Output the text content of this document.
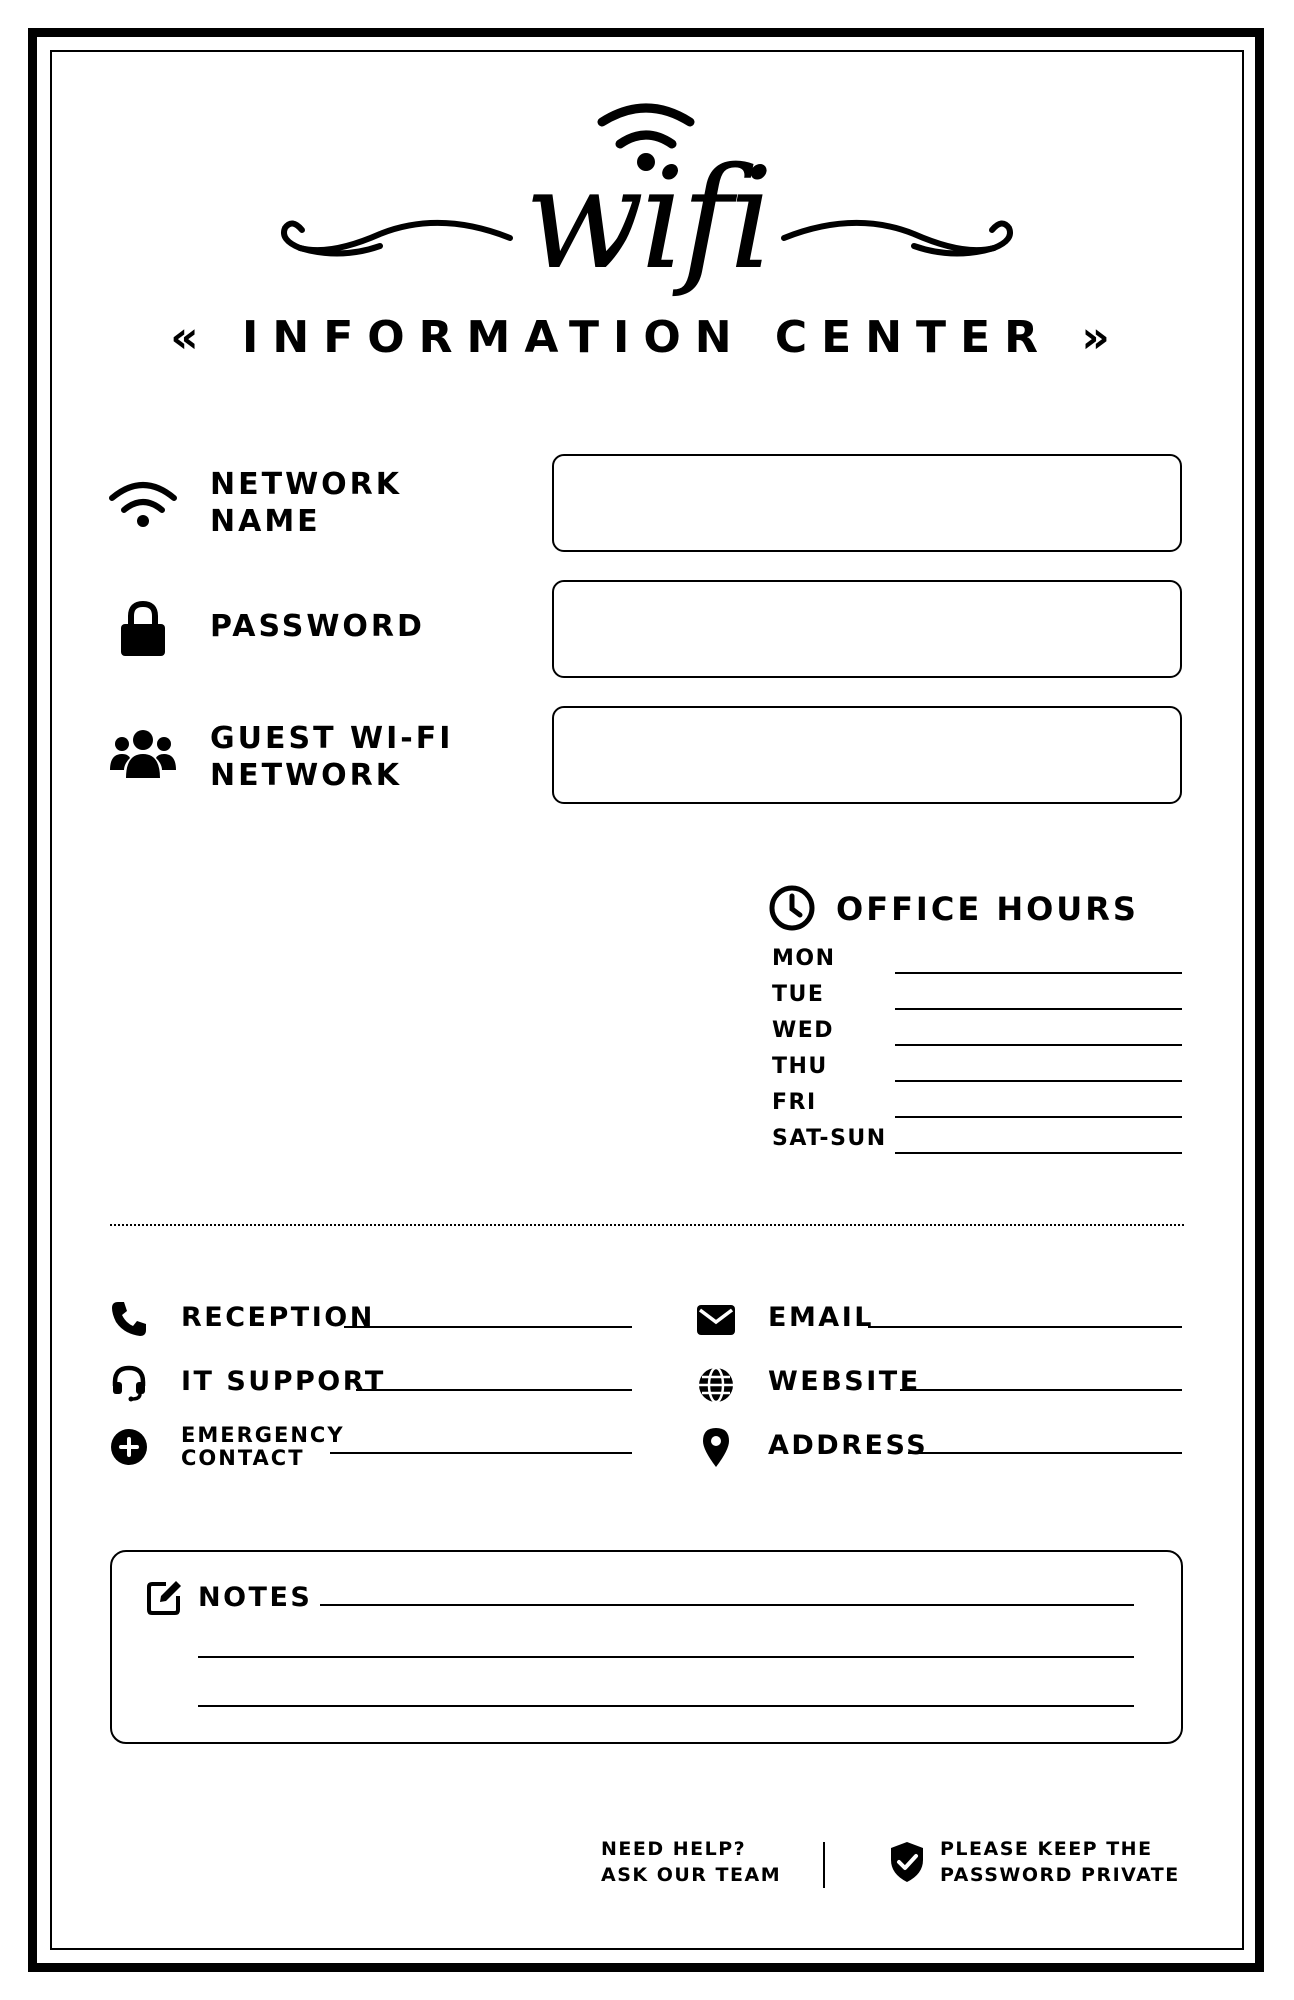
wifi
« INFORMATION CENTER »
NETWORK
NAME
PASSWORD
GUEST WI-FI
NETWORK
OFFICE HOURS
MON
TUE
WED
THU
FRI
SAT-SUN
RECEPTION
IT SUPPORT
EMERGENCY
CONTACT
EMAIL
WEBSITE
ADDRESS
NOTES
NEED HELP?
ASK OUR TEAM
PLEASE KEEP THE
PASSWORD PRIVATE
